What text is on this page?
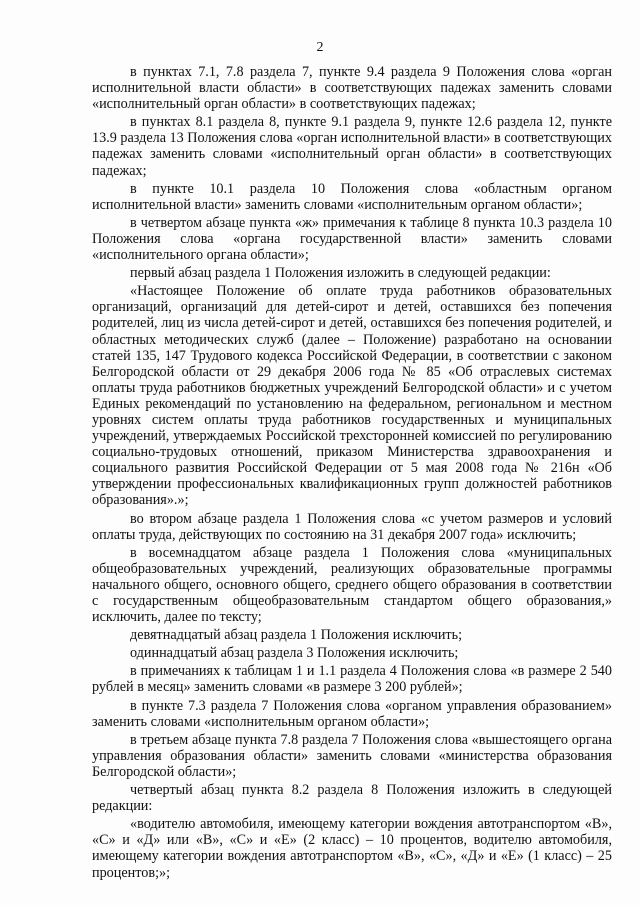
2

в пунктах 7.1, 7.8 раздела 7, пункте 9.4 раздела 9 Положения слова «орган исполнительной власти области» в соответствующих падежах заменить словами «исполнительный орган области» в соответствующих падежах;

в пунктах 8.1 раздела 8, пункте 9.1 раздела 9, пункте 12.6 раздела 12, пункте 13.9 раздела 13 Положения слова «орган исполнительной власти» в соответствующих падежах заменить словами «исполнительный орган области» в соответствующих падежах;

в пункте 10.1 раздела 10 Положения слова «областным органом исполнительной власти» заменить словами «исполнительным органом области»;

в четвертом абзаце пункта «ж» примечания к таблице 8 пункта 10.3 раздела 10 Положения слова «органа государственной власти» заменить словами «исполнительного органа области»;

первый абзац раздела 1 Положения изложить в следующей редакции:

«Настоящее Положение об оплате труда работников образовательных организаций, организаций для детей-сирот и детей, оставшихся без попечения родителей, лиц из числа детей-сирот и детей, оставшихся без попечения родителей, и областных методических служб (далее – Положение) разработано на основании статей 135, 147 Трудового кодекса Российской Федерации, в соответствии с законом Белгородской области от 29 декабря 2006 года № 85 «Об отраслевых системах оплаты труда работников бюджетных учреждений Белгородской области» и с учетом Единых рекомендаций по установлению на федеральном, региональном и местном уровнях систем оплаты труда работников государственных и муниципальных учреждений, утверждаемых Российской трехсторонней комиссией по регулированию социально-трудовых отношений, приказом Министерства здравоохранения и социального развития Российской Федерации от 5 мая 2008 года № 216н «Об утверждении профессиональных квалификационных групп должностей работников образования».»;

во втором абзаце раздела 1 Положения слова «с учетом размеров и условий оплаты труда, действующих по состоянию на 31 декабря 2007 года» исключить;

в восемнадцатом абзаце раздела 1 Положения слова «муниципальных общеобразовательных учреждений, реализующих образовательные программы начального общего, основного общего, среднего общего образования в соответствии с государственным общеобразовательным стандартом общего образования,» исключить, далее по тексту;

девятнадцатый абзац раздела 1 Положения исключить;

одиннадцатый абзац раздела 3 Положения исключить;

в примечаниях к таблицам 1 и 1.1 раздела 4 Положения слова «в размере 2 540 рублей в месяц» заменить словами «в размере 3 200 рублей»;

в пункте 7.3 раздела 7 Положения слова «органом управления образованием» заменить словами «исполнительным органом области»;

в третьем абзаце пункта 7.8 раздела 7 Положения слова «вышестоящего органа управления образования области» заменить словами «министерства образования Белгородской области»;

четвертый абзац пункта 8.2 раздела 8 Положения изложить в следующей редакции:

«водителю автомобиля, имеющему категории вождения автотранспортом «В», «С» и «Д» или «В», «С» и «Е» (2 класс) – 10 процентов, водителю автомобиля, имеющему категории вождения автотранспортом «В», «С», «Д» и «Е» (1 класс) – 25 процентов;»;
